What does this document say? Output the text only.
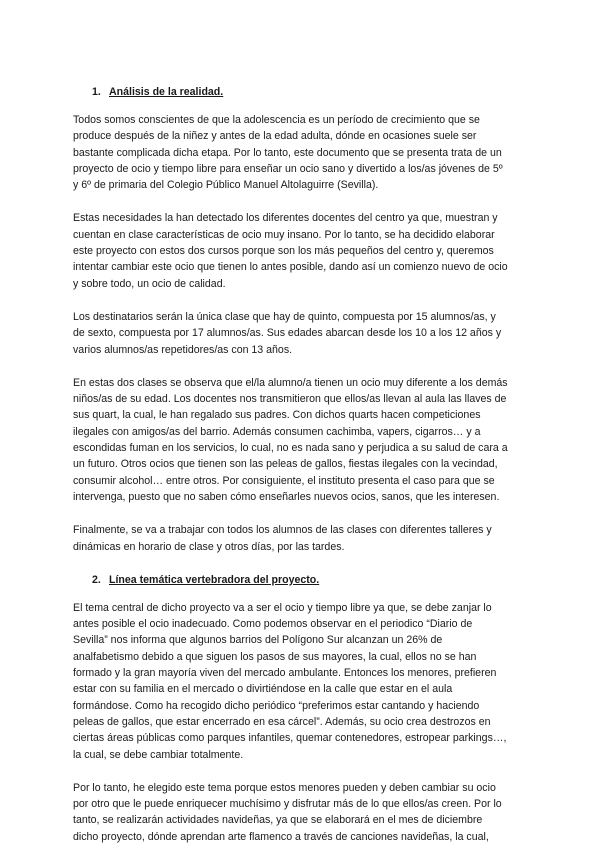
1. Análisis de la realidad.
Todos somos conscientes de que la adolescencia es un período de crecimiento que se
produce después de la niñez y antes de la edad adulta, dónde en ocasiones suele ser
bastante complicada dicha etapa. Por lo tanto, este documento que se presenta trata de un
proyecto de ocio y tiempo libre para enseñar un ocio sano y divertido a los/as jóvenes de 5º
y 6º de primaria del Colegio Público Manuel Altolaguirre (Sevilla).
Estas necesidades la han detectado los diferentes docentes del centro ya que, muestran y
cuentan en clase características de ocio muy insano. Por lo tanto, se ha decidido elaborar
este proyecto con estos dos cursos porque son los más pequeños del centro y, queremos
intentar cambiar este ocio que tienen lo antes posible, dando así un comienzo nuevo de ocio
y sobre todo, un ocio de calidad.
Los destinatarios serán la única clase que hay de quinto, compuesta por 15 alumnos/as, y
de sexto, compuesta por 17 alumnos/as. Sus edades abarcan desde los 10 a los 12 años y
varios alumnos/as repetidores/as con 13 años.
En estas dos clases se observa que el/la alumno/a tienen un ocio muy diferente a los demás
niños/as de su edad. Los docentes nos transmitieron que ellos/as llevan al aula las llaves de
sus quart, la cual, le han regalado sus padres. Con dichos quarts hacen competiciones
ilegales con amigos/as del barrio. Además consumen cachimba, vapers, cigarros… y a
escondidas fuman en los servicios, lo cual, no es nada sano y perjudica a su salud de cara a
un futuro. Otros ocios que tienen son las peleas de gallos, fiestas ilegales con la vecindad,
consumir alcohol… entre otros. Por consiguiente, el instituto presenta el caso para que se
intervenga, puesto que no saben cómo enseñarles nuevos ocios, sanos, que les interesen.
Finalmente, se va a trabajar con todos los alumnos de las clases con diferentes talleres y
dinámicas en horario de clase y otros días, por las tardes.
2. Línea temática vertebradora del proyecto.
El tema central de dicho proyecto va a ser el ocio y tiempo libre ya que, se debe zanjar lo
antes posible el ocio inadecuado. Como podemos observar en el periodico “Diario de
Sevilla” nos informa que algunos barrios del Polígono Sur alcanzan un 26% de
analfabetismo debido a que siguen los pasos de sus mayores, la cual, ellos no se han
formado y la gran mayoría viven del mercado ambulante. Entonces los menores, prefieren
estar con su familia en el mercado o divirtiéndose en la calle que estar en el aula
formándose. Como ha recogido dicho periódico “preferimos estar cantando y haciendo
peleas de gallos, que estar encerrado en esa cárcel”. Además, su ocio crea destrozos en
ciertas áreas públicas como parques infantiles, quemar contenedores, estropear parkings…,
la cual, se debe cambiar totalmente.
Por lo tanto, he elegido este tema porque estos menores pueden y deben cambiar su ocio
por otro que le puede enriquecer muchísimo y disfrutar más de lo que ellos/as creen. Por lo
tanto, se realizarán actividades navideñas, ya que se elaborará en el mes de diciembre
dicho proyecto, dónde aprendan arte flamenco a través de canciones navideñas, la cual,
